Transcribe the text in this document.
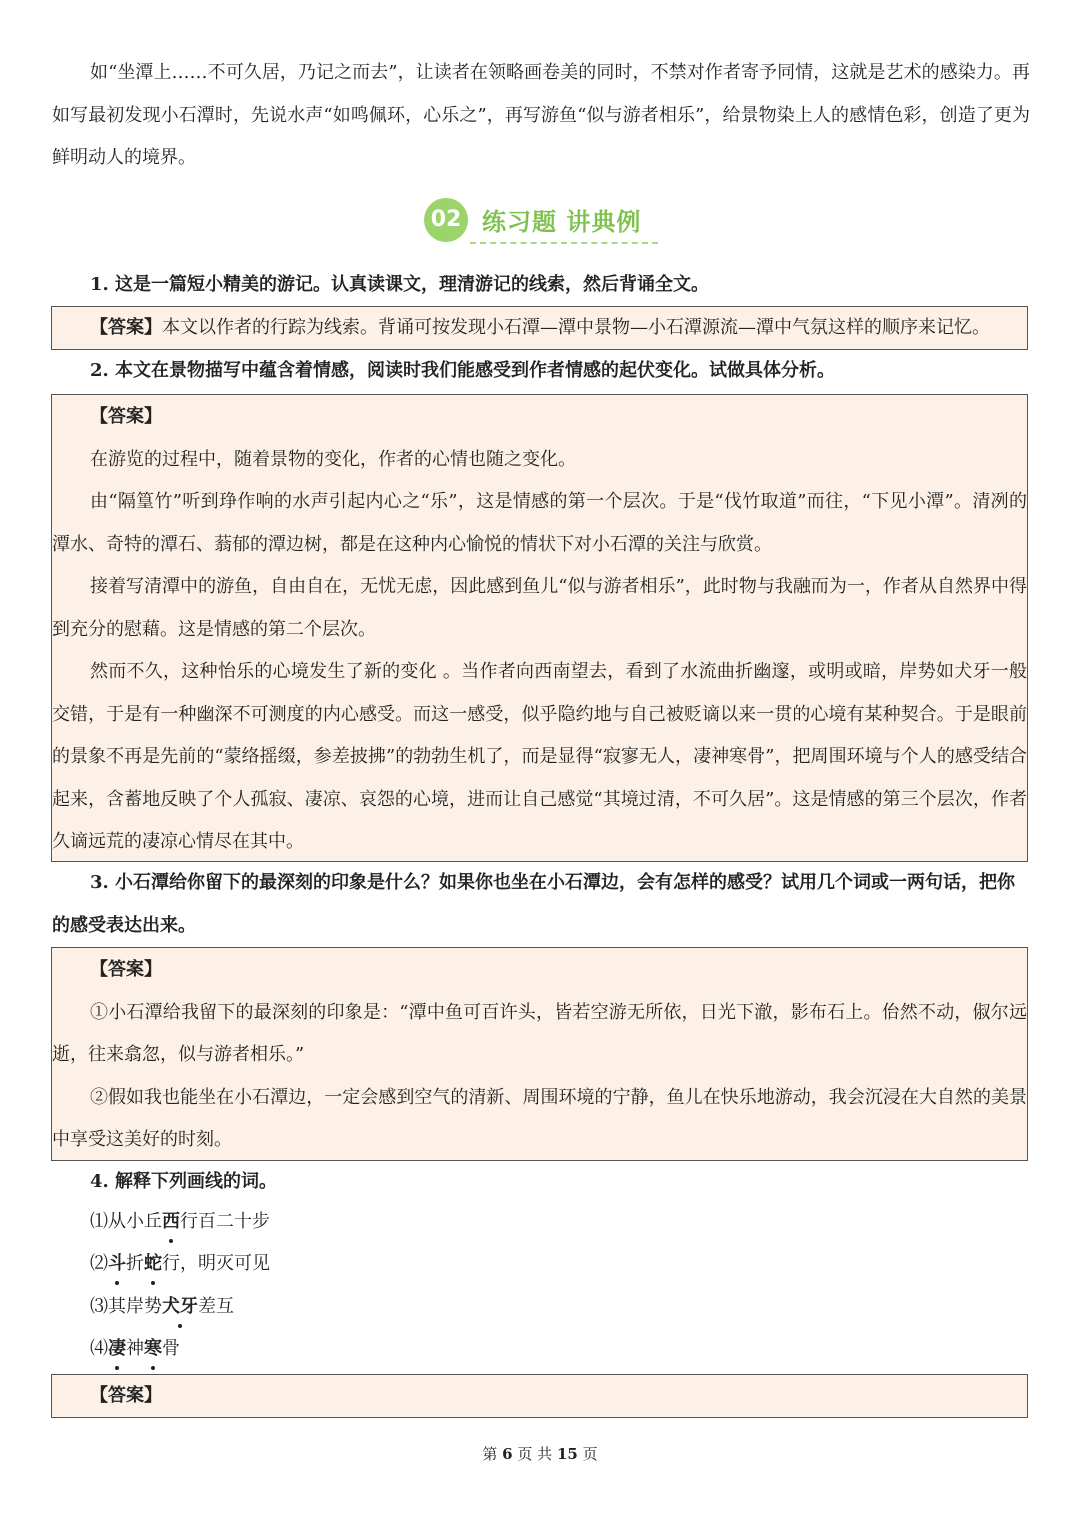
如“坐潭上……不可久居，乃记之而去”，让读者在领略画卷美的同时，不禁对作者寄予同情，这就是艺术的感染力。再如写最初发现小石潭时，先说水声“如鸣佩环，心乐之”，再写游鱼“似与游者相乐”，给景物染上人的感情色彩，创造了更为鲜明动人的境界。

02 练习题 讲典例

1. 这是一篇短小精美的游记。认真读课文，理清游记的线索，然后背诵全文。

【答案】本文以作者的行踪为线索。背诵可按发现小石潭—潭中景物—小石潭源流—潭中气氛这样的顺序来记忆。

2. 本文在景物描写中蕴含着情感，阅读时我们能感受到作者情感的起伏变化。试做具体分析。

【答案】

在游览的过程中，随着景物的变化，作者的心情也随之变化。

由“隔篁竹”听到琤作响的水声引起内心之“乐”，这是情感的第一个层次。于是“伐竹取道”而往，“下见小潭”。清冽的潭水、奇特的潭石、蓊郁的潭边树，都是在这种内心愉悦的情状下对小石潭的关注与欣赏。

接着写清潭中的游鱼，自由自在，无忧无虑，因此感到鱼儿“似与游者相乐”，此时物与我融而为一，作者从自然界中得到充分的慰藉。这是情感的第二个层次。

然而不久，这种怡乐的心境发生了新的变化 。当作者向西南望去，看到了水流曲折幽邃，或明或暗，岸势如犬牙一般交错，于是有一种幽深不可测度的内心感受。而这一感受，似乎隐约地与自己被贬谪以来一贯的心境有某种契合。于是眼前的景象不再是先前的“蒙络摇缀，参差披拂”的勃勃生机了，而是显得“寂寥无人，凄神寒骨”，把周围环境与个人的感受结合起来，含蓄地反映了个人孤寂、凄凉、哀怨的心境，进而让自己感觉“其境过清，不可久居”。这是情感的第三个层次，作者久谪远荒的凄凉心情尽在其中。

3. 小石潭给你留下的最深刻的印象是什么？如果你也坐在小石潭边，会有怎样的感受？试用几个词或一两句话，把你的感受表达出来。

【答案】

①小石潭给我留下的最深刻的印象是：“潭中鱼可百许头，皆若空游无所依，日光下澈，影布石上。佁然不动，俶尔远逝，往来翕忽，似与游者相乐。”

②假如我也能坐在小石潭边，一定会感到空气的清新、周围环境的宁静，鱼儿在快乐地游动，我会沉浸在大自然的美景中享受这美好的时刻。

4. 解释下列画线的词。

⑴从小丘西行百二十步

⑵斗折蛇行，明灭可见

⑶其岸势犬牙差互

⑷凄神寒骨

【答案】

第 6 页 共 15 页
